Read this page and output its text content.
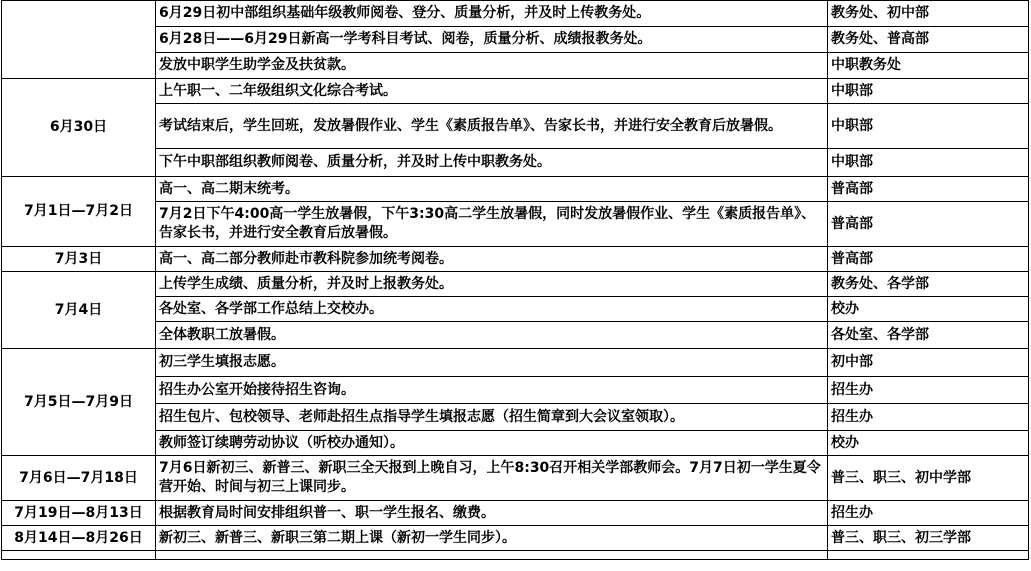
	6月29日初中部组织基础年级教师阅卷、登分、质量分析，并及时上传教务处。	教务处、初中部
	6月28日——6月29日新高一学考科目考试、阅卷，质量分析、成绩报教务处。	教务处、普高部
	发放中职学生助学金及扶贫款。	中职教务处
6月30日	上午职一、二年级组织文化综合考试。	中职部
	考试结束后，学生回班，发放暑假作业、学生《素质报告单》、告家长书，并进行安全教育后放暑假。	中职部
	下午中职部组织教师阅卷、质量分析，并及时上传中职教务处。	中职部
7月1日—7月2日	高一、高二期末统考。	普高部
	7月2日下午4:00高一学生放暑假，下午3:30高二学生放暑假，同时发放暑假作业、学生《素质报告单》、告家长书，并进行安全教育后放暑假。	普高部
7月3日	高一、高二部分教师赴市教科院参加统考阅卷。	普高部
7月4日	上传学生成绩、质量分析，并及时上报教务处。	教务处、各学部
	各处室、各学部工作总结上交校办。	校办
	全体教职工放暑假。	各处室、各学部
7月5日—7月9日	初三学生填报志愿。	初中部
	招生办公室开始接待招生咨询。	招生办
	招生包片、包校领导、老师赴招生点指导学生填报志愿（招生简章到大会议室领取）。	招生办
	教师签订续聘劳动协议（听校办通知）。	校办
7月6日—7月18日	7月6日新初三、新普三、新职三全天报到上晚自习，上午8:30召开相关学部教师会。7月7日初一学生夏令营开始、时间与初三上课同步。	普三、职三、初中学部
7月19日—8月13日	根据教育局时间安排组织普一、职一学生报名、缴费。	招生办
8月14日—8月26日	新初三、新普三、新职三第二期上课（新初一学生同步）。	普三、职三、初三学部
